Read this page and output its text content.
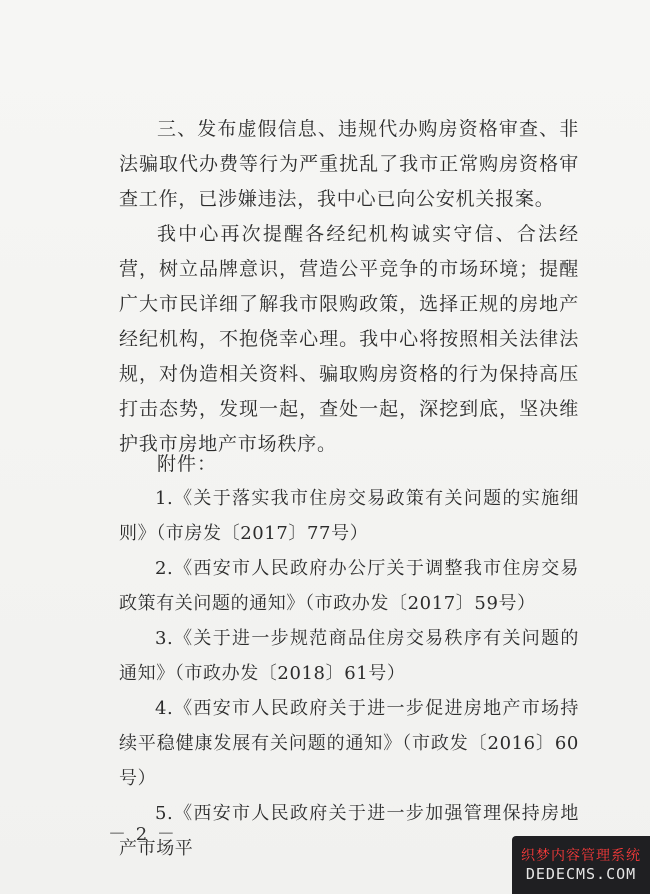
三、发布虚假信息、违规代办购房资格审查、非法骗取代办费等行为严重扰乱了我市正常购房资格审查工作，已涉嫌违法，我中心已向公安机关报案。

我中心再次提醒各经纪机构诚实守信、合法经营，树立品牌意识，营造公平竞争的市场环境；提醒广大市民详细了解我市限购政策，选择正规的房地产经纪机构，不抱侥幸心理。我中心将按照相关法律法规，对伪造相关资料、骗取购房资格的行为保持高压打击态势，发现一起，查处一起，深挖到底，坚决维护我市房地产市场秩序。

附件：

1.《关于落实我市住房交易政策有关问题的实施细则》（市房发〔2017〕77号）

2.《西安市人民政府办公厅关于调整我市住房交易政策有关问题的通知》（市政办发〔2017〕59号）

3.《关于进一步规范商品住房交易秩序有关问题的通知》（市政办发〔2018〕61号）

4.《西安市人民政府关于进一步促进房地产市场持续平稳健康发展有关问题的通知》（市政发〔2016〕60号）

5.《西安市人民政府关于进一步加强管理保持房地产市场平

－ 2 －
织梦内容管理系统
DEDECMS.COM
